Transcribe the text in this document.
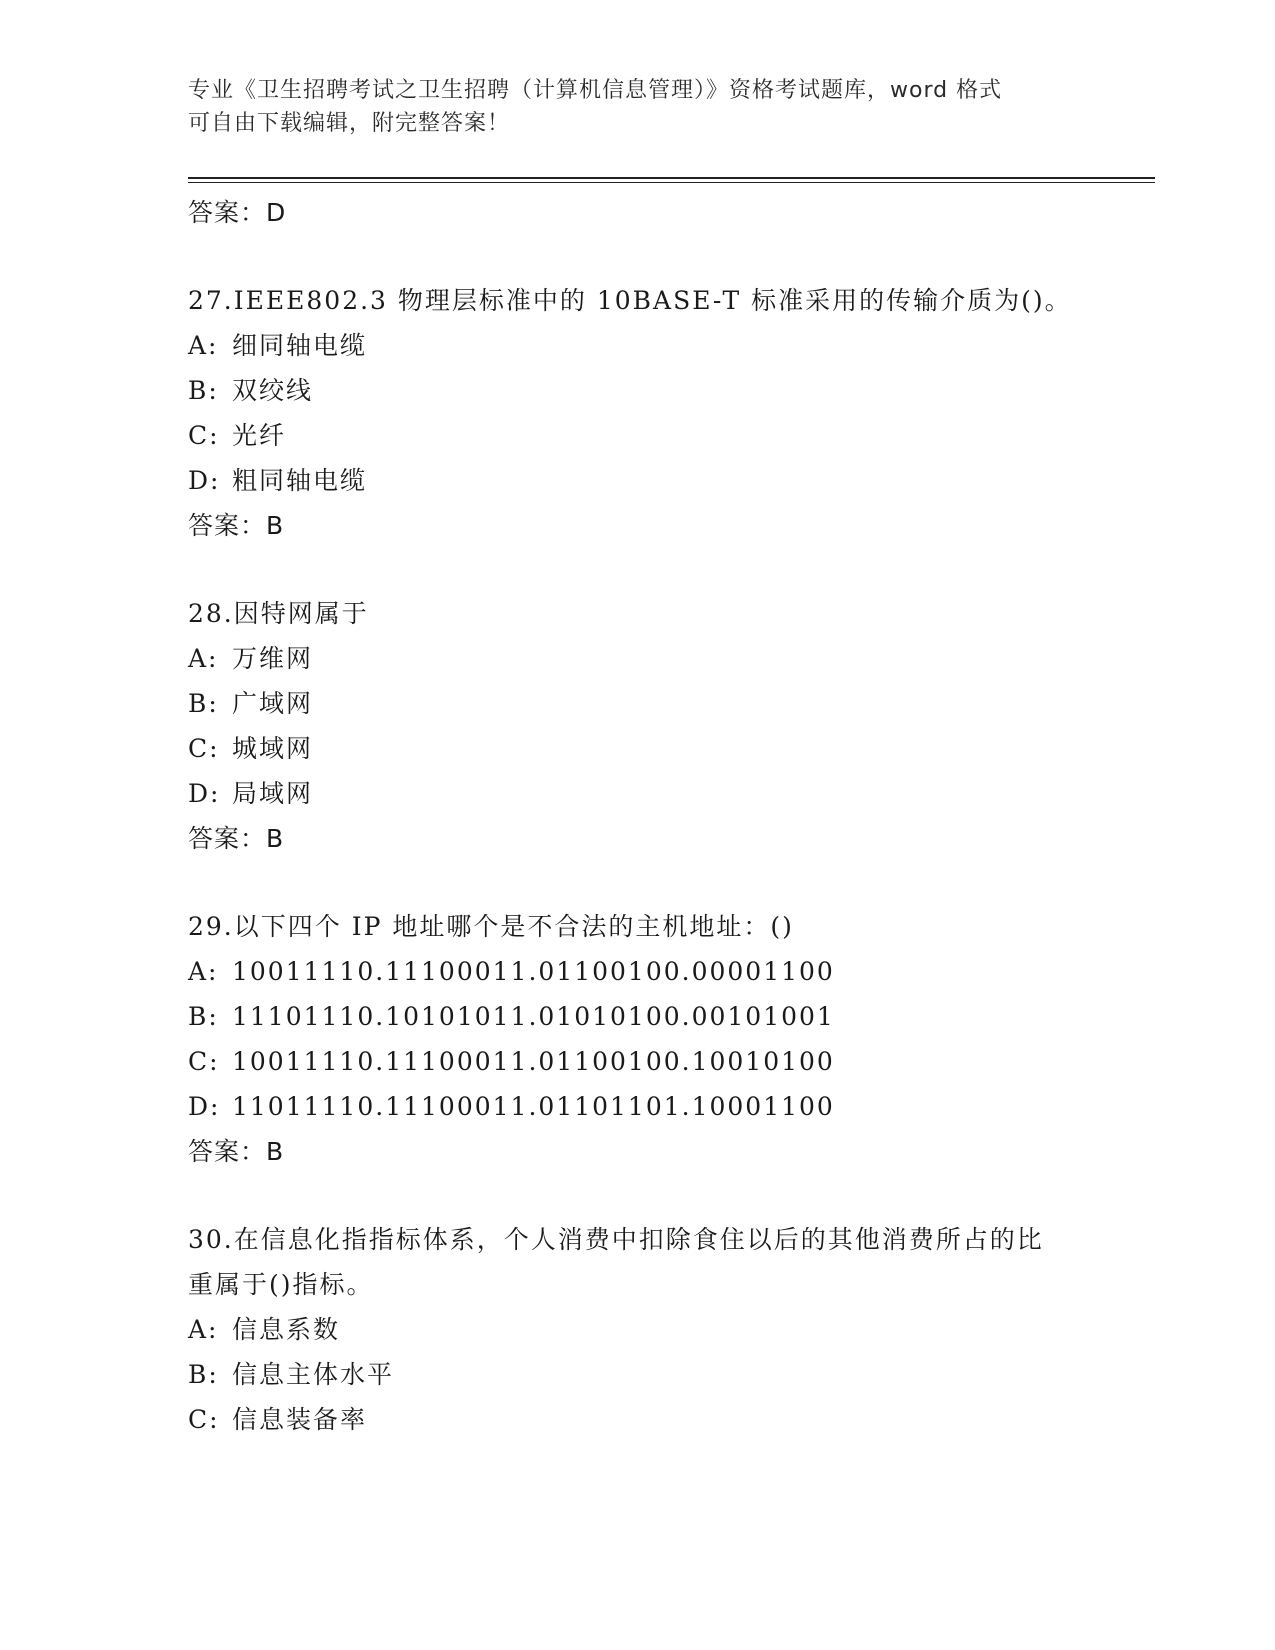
专业《卫生招聘考试之卫生招聘（计算机信息管理）》资格考试题库，word 格式
可自由下载编辑，附完整答案！
答案：D
27.IEEE802.3 物理层标准中的 10BASE-T 标准采用的传输介质为()。
A: 细同轴电缆
B: 双绞线
C: 光纤
D: 粗同轴电缆
答案：B
28.因特网属于
A: 万维网
B: 广域网
C: 城域网
D: 局域网
答案：B
29.以下四个 IP 地址哪个是不合法的主机地址：()
A: 10011110.11100011.01100100.00001100
B: 11101110.10101011.01010100.00101001
C: 10011110.11100011.01100100.10010100
D: 11011110.11100011.01101101.10001100
答案：B
30.在信息化指指标体系，个人消费中扣除食住以后的其他消费所占的比重属于()指标。
A: 信息系数
B: 信息主体水平
C: 信息装备率
